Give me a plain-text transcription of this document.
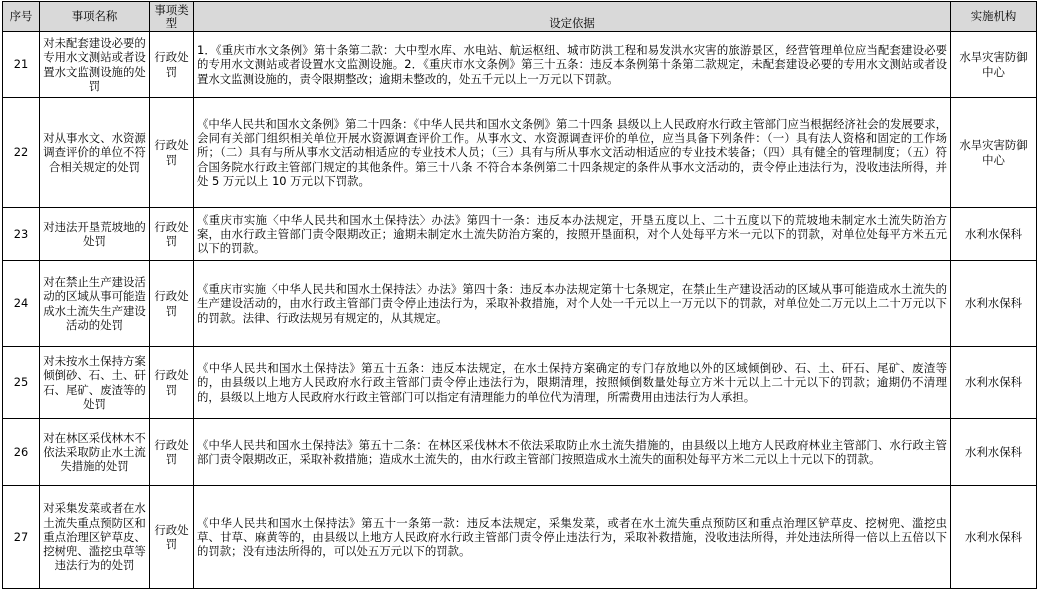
序号	事项名称	事项类型	设定依据	实施机构
21	对未配套建设必要的专用水文测站或者设置水文监测设施的处罚	行政处罚	1．《重庆市水文条例》第十条第二款：大中型水库、水电站、航运枢纽、城市防洪工程和易发洪水灾害的旅游景区，经营管理单位应当配套建设必要的专用水文测站或者设置水文监测设施。2．《重庆市水文条例》第三十五条：违反本条例第十条第二款规定，未配套建设必要的专用水文测站或者设置水文监测设施的，责令限期整改；逾期未整改的，处五千元以上一万元以下罚款。	水旱灾害防御中心
22	对从事水文、水资源调查评价的单位不符合相关规定的处罚	行政处罚	《中华人民共和国水文条例》第二十四条：《中华人民共和国水文条例》第二十四条 县级以上人民政府水行政主管部门应当根据经济社会的发展要求，会同有关部门组织相关单位开展水资源调查评价工作。从事水文、水资源调查评价的单位，应当具备下列条件：（一）具有法人资格和固定的工作场所；（二）具有与所从事水文活动相适应的专业技术人员；（三）具有与所从事水文活动相适应的专业技术装备；（四）具有健全的管理制度；（五）符合国务院水行政主管部门规定的其他条件。第三十八条 不符合本条例第二十四条规定的条件从事水文活动的，责令停止违法行为，没收违法所得，并处 5 万元以上 10 万元以下罚款。	水旱灾害防御中心
23	对违法开垦荒坡地的处罚	行政处罚	《重庆市实施〈中华人民共和国水土保持法〉办法》第四十一条：违反本办法规定，开垦五度以上、二十五度以下的荒坡地未制定水土流失防治方案，由水行政主管部门责令限期改正；逾期未制定水土流失防治方案的，按照开垦面积，对个人处每平方米一元以下的罚款，对单位处每平方米五元以下的罚款。	水利水保科
24	对在禁止生产建设活动的区域从事可能造成水土流失生产建设活动的处罚	行政处罚	《重庆市实施〈中华人民共和国水土保持法〉办法》第四十条：违反本办法规定第十七条规定，在禁止生产建设活动的区域从事可能造成水土流失的生产建设活动的，由水行政主管部门责令停止违法行为，采取补救措施，对个人处一千元以上一万元以下的罚款，对单位处二万元以上二十万元以下的罚款。法律、行政法规另有规定的，从其规定。	水利水保科
25	对未按水土保持方案倾倒砂、石、土、矸石、尾矿、废渣等的处罚	行政处罚	《中华人民共和国水土保持法》第五十五条：违反本法规定，在水土保持方案确定的专门存放地以外的区域倾倒砂、石、土、矸石、尾矿、废渣等的，由县级以上地方人民政府水行政主管部门责令停止违法行为，限期清理，按照倾倒数量处每立方米十元以上二十元以下的罚款；逾期仍不清理的，县级以上地方人民政府水行政主管部门可以指定有清理能力的单位代为清理，所需费用由违法行为人承担。	水利水保科
26	对在林区采伐林木不依法采取防止水土流失措施的处罚	行政处罚	《中华人民共和国水土保持法》第五十二条：在林区采伐林木不依法采取防止水土流失措施的，由县级以上地方人民政府林业主管部门、水行政主管部门责令限期改正，采取补救措施；造成水土流失的，由水行政主管部门按照造成水土流失的面积处每平方米二元以上十元以下的罚款。	水利水保科
27	对采集发菜或者在水土流失重点预防区和重点治理区铲草皮、挖树兜、滥挖虫草等违法行为的处罚	行政处罚	《中华人民共和国水土保持法》第五十一条第一款：违反本法规定，采集发菜，或者在水土流失重点预防区和重点治理区铲草皮、挖树兜、滥挖虫草、甘草、麻黄等的，由县级以上地方人民政府水行政主管部门责令停止违法行为，采取补救措施，没收违法所得，并处违法所得一倍以上五倍以下的罚款；没有违法所得的，可以处五万元以下的罚款。	水利水保科
